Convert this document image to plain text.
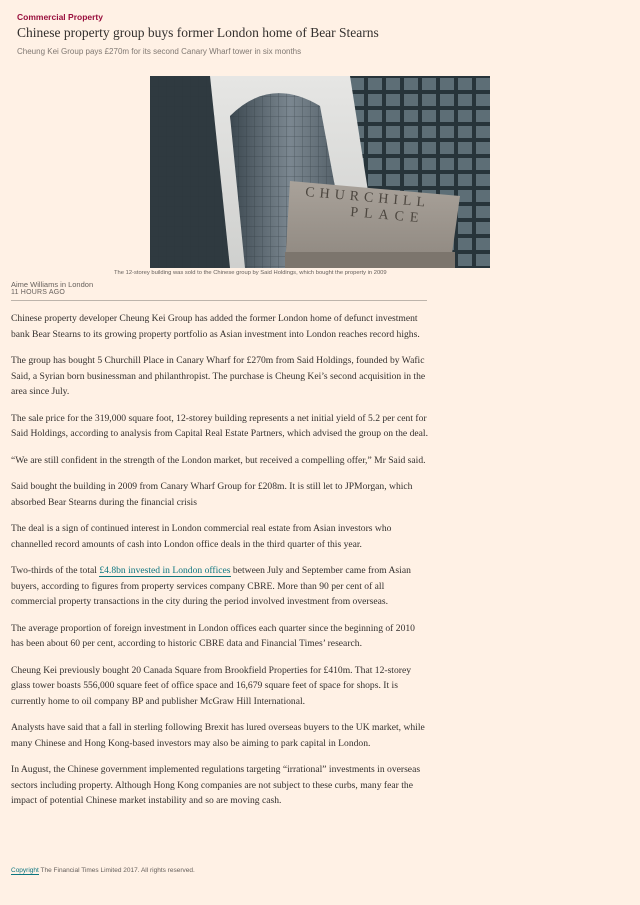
Commercial Property
Chinese property group buys former London home of Bear Stearns
Cheung Kei Group pays £270m for its second Canary Wharf tower in six months
CHURCHILL
PLACE
The 12-storey building was sold to the Chinese group by Said Holdings, which bought the property in 2009
Aime Williams in London
11 HOURS AGO

Chinese property developer Cheung Kei Group has added the former London home of defunct investment bank Bear Stearns to its growing property portfolio as Asian investment into London reaches record highs.

The group has bought 5 Churchill Place in Canary Wharf for £270m from Said Holdings, founded by Wafic Said, a Syrian born businessman and philanthropist. The purchase is Cheung Kei’s second acquisition in the area since July.

The sale price for the 319,000 square foot, 12-storey building represents a net initial yield of 5.2 per cent for Said Holdings, according to analysis from Capital Real Estate Partners, which advised the group on the deal.

“We are still confident in the strength of the London market, but received a compelling offer,” Mr Said said.

Said bought the building in 2009 from Canary Wharf Group for £208m. It is still let to JPMorgan, which absorbed Bear Stearns during the financial crisis

The deal is a sign of continued interest in London commercial real estate from Asian investors who channelled record amounts of cash into London office deals in the third quarter of this year.

Two-thirds of the total £4.8bn invested in London offices between July and September came from Asian buyers, according to figures from property services company CBRE. More than 90 per cent of all commercial property transactions in the city during the period involved investment from overseas.

The average proportion of foreign investment in London offices each quarter since the beginning of 2010 has been about 60 per cent, according to historic CBRE data and Financial Times’ research.

Cheung Kei previously bought 20 Canada Square from Brookfield Properties for £410m. That 12-storey glass tower boasts 556,000 square feet of office space and 16,679 square feet of space for shops. It is currently home to oil company BP and publisher McGraw Hill International.

Analysts have said that a fall in sterling following Brexit has lured overseas buyers to the UK market, while many Chinese and Hong Kong-based investors may also be aiming to park capital in London.

In August, the Chinese government implemented regulations targeting “irrational” investments in overseas sectors including property. Although Hong Kong companies are not subject to these curbs, many fear the impact of potential Chinese market instability and so are moving cash.

Copyright The Financial Times Limited 2017. All rights reserved.
